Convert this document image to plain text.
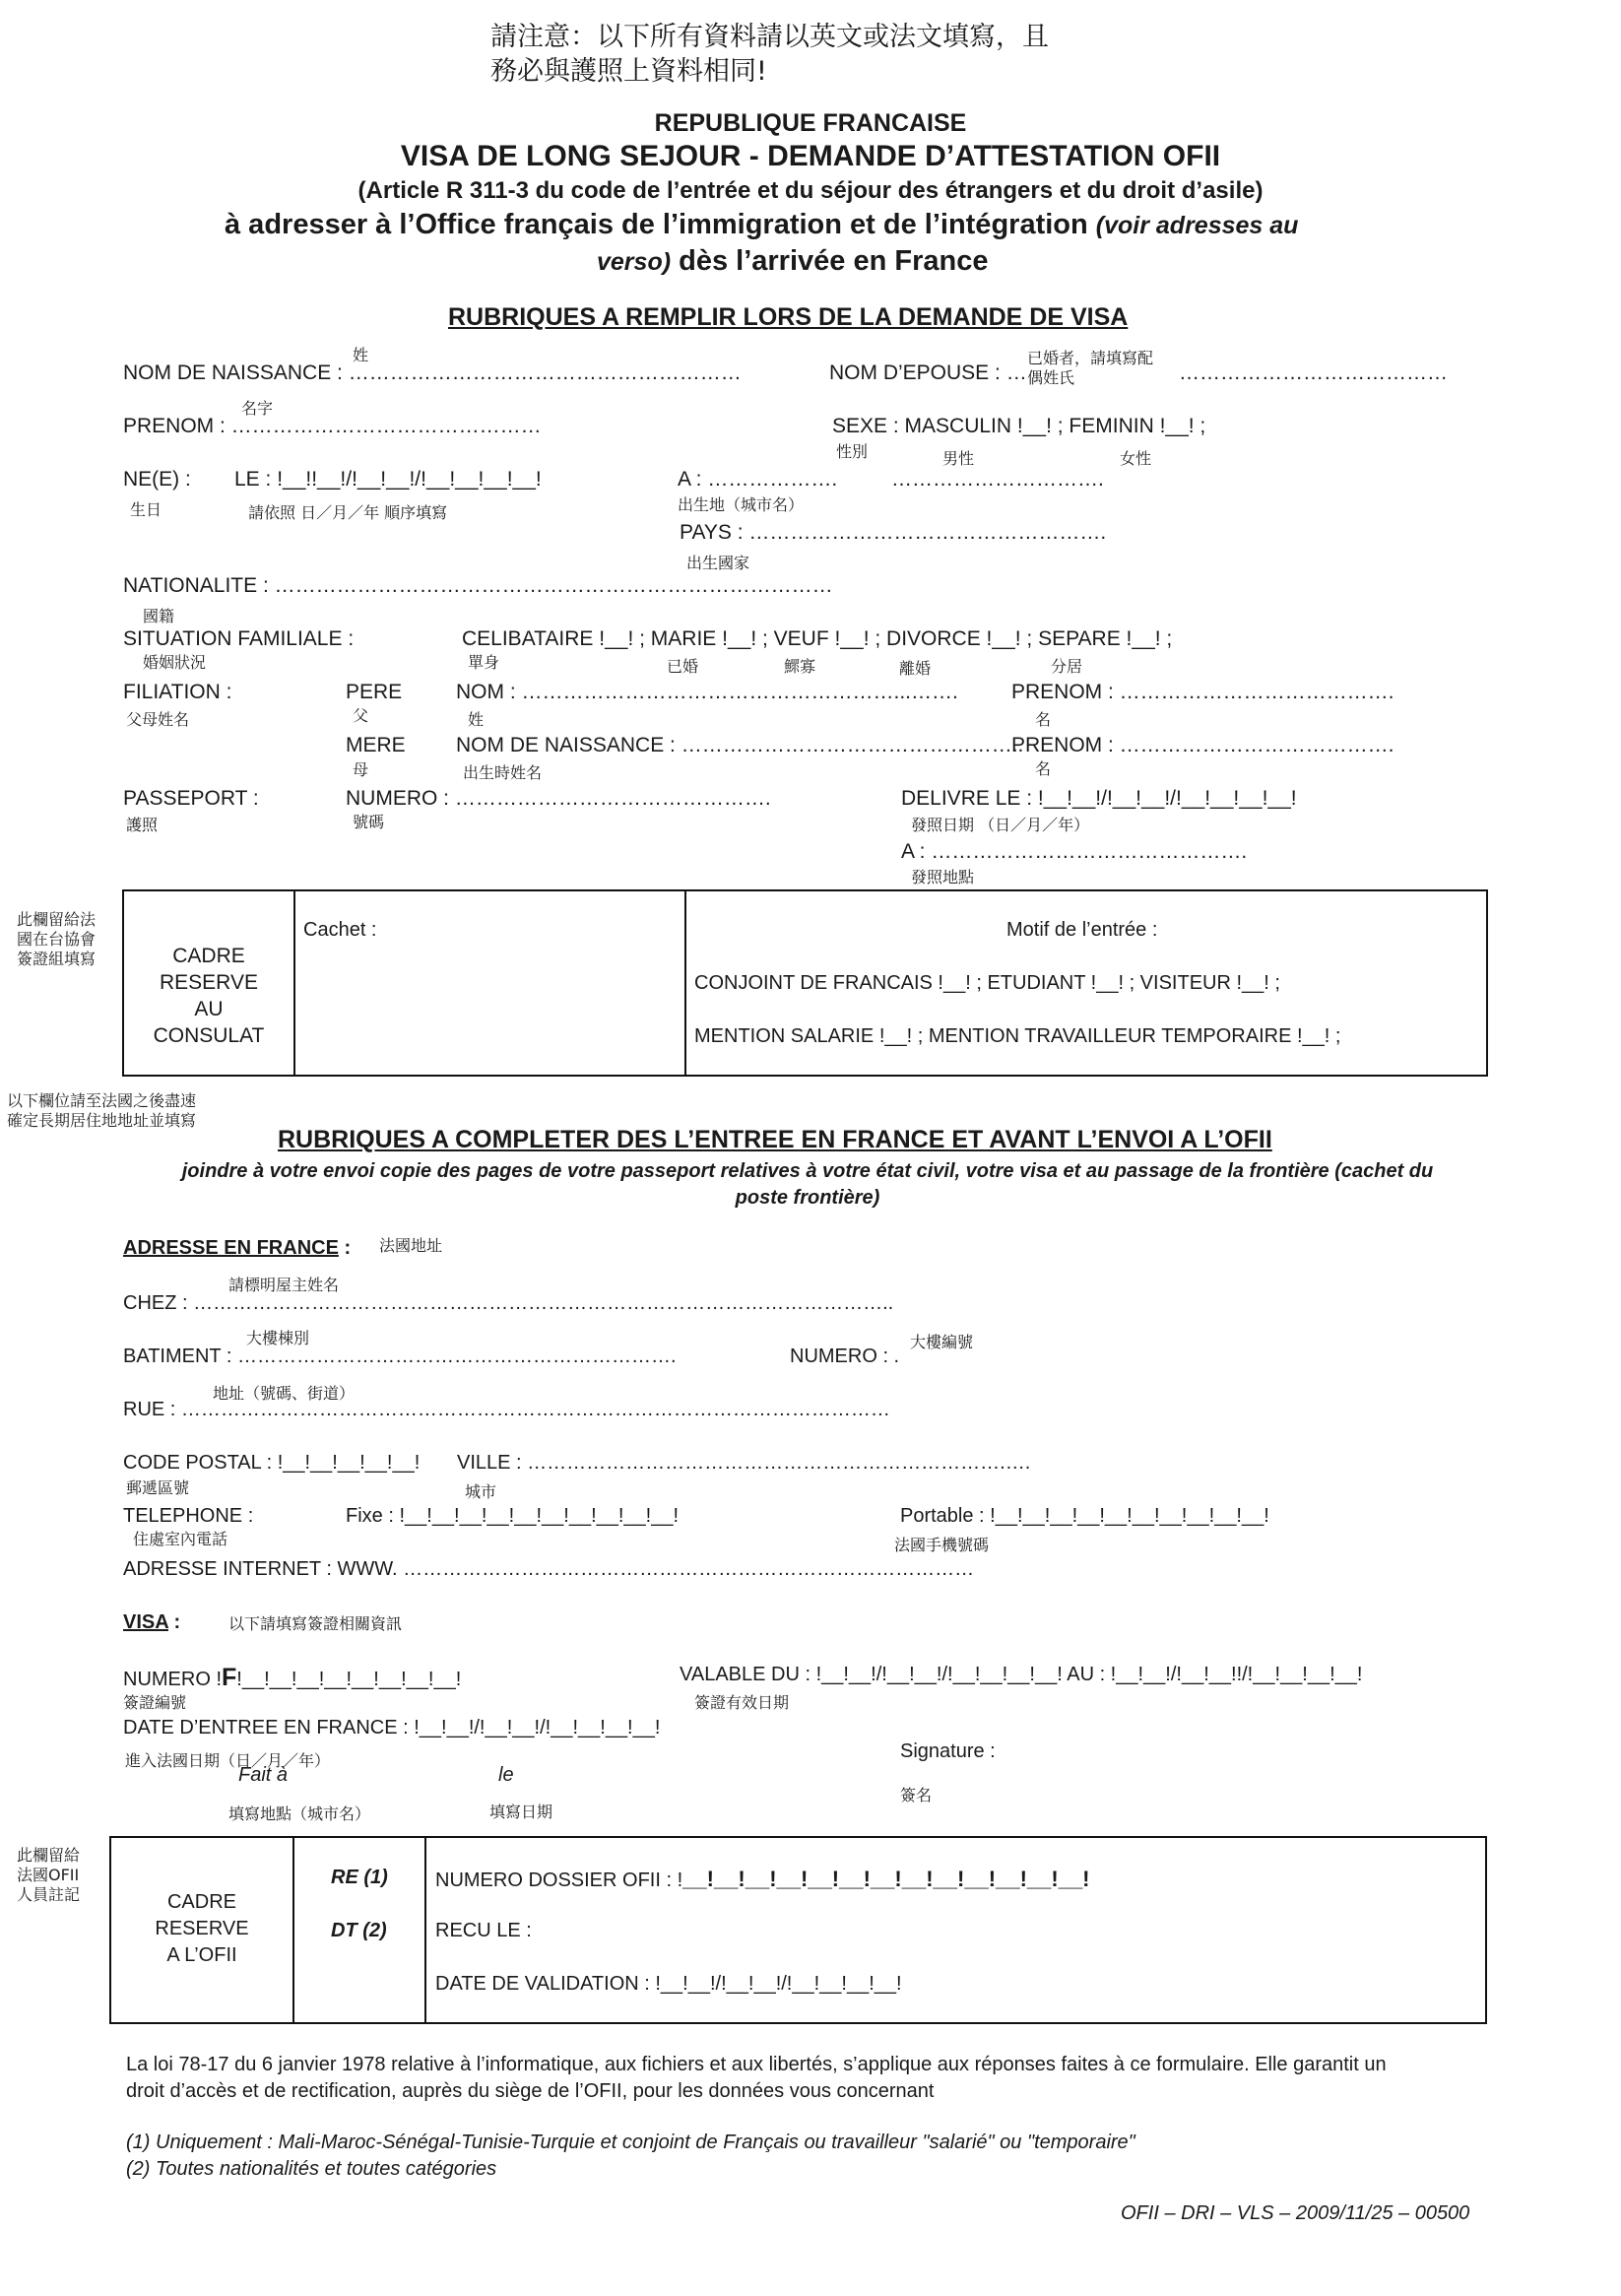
請注意：以下所有資料請以英文或法文填寫，且
務必與護照上資料相同!
REPUBLIQUE FRANCAISE
VISA DE LONG SEJOUR - DEMANDE D’ATTESTATION OFII
(Article R 311-3 du code de l’entrée et du séjour des étrangers et du droit d’asile)
à adresser à l’Office français de l’immigration et de l’intégration (voir adresses au
verso) dès l’arrivée en France
RUBRIQUES A REMPLIR LORS DE LA DEMANDE DE VISA
姓
NOM DE NAISSANCE : …………………………………………………
已婚者，請填寫配
偶姓氏
NOM D’EPOUSE : …	…………………………………
名字
PRENOM : ………………………………………	SEXE : MASCULIN !__! ; FEMININ !__! ;
性別	男性	女性
NE(E) : LE : !__!!__!/!__!__!/!__!__!__!__!	A : ……………….	………………………….
生日	請依照 日／月／年 順序填寫	出生地（城市名）
PAYS : …………………………………………….
出生國家
NATIONALITE : ………………………………………………………………………
國籍
SITUATION FAMILIALE :
婚姻狀況
CELIBATAIRE !__! ; MARIE !__! ; VEUF !__! ; DIVORCE !__! ; SEPARE !__! ;
單身	已婚	鰥寡	離婚	分居
FILIATION :
父母姓名
PERE
父
NOM : ………………………………………………...…….
姓
PRENOM : ………………………………….
名
MERE
母
NOM DE NAISSANCE : …………………………………………..
出生時姓名
PRENOM : ………………………………….
名
PASSEPORT :
護照
NUMERO : ……………………………………….
號碼
DELIVRE LE : !__!__!/!__!__!/!__!__!__!__!
發照日期 （日／月／年）
A : ……………………………………….
發照地點
此欄留給法
國在台協會
簽證組填寫	CADRE
RESERVE
AU
CONSULAT
Cachet :	Motif de l’entrée :
CONJOINT DE FRANCAIS !__! ; ETUDIANT !__! ; VISITEUR !__! ;
MENTION SALARIE !__! ; MENTION TRAVAILLEUR TEMPORAIRE !__! ;
以下欄位請至法國之後盡速
確定長期居住地地址並填寫
RUBRIQUES A COMPLETER DES L’ENTREE EN FRANCE ET AVANT L’ENVOI A L’OFII
joindre à votre envoi copie des pages de votre passeport relatives à votre état civil, votre visa et au passage de la frontière (cachet du
poste frontière)
ADRESSE EN FRANCE : 法國地址
請標明屋主姓名
CHEZ : ……………………………………………………………………………………………..
大樓棟別
BATIMENT : ………………………………………………………….	NUMERO : .
大樓編號
地址（號碼、街道）
RUE : ………………………………………………………………………………………………
CODE POSTAL : !__!__!__!__!__!
郵遞區號
VILLE : ……………………………………………………………….….
城市
TELEPHONE :
住處室內電話
Fixe : !__!__!__!__!__!__!__!__!__!__!	Portable : !__!__!__!__!__!__!__!__!__!__!
法國手機號碼
ADRESSE INTERNET : WWW. ……………………………………………………………………………
VISA :	以下請填寫簽證相關資訊
NUMERO !F!__!__!__!__!__!__!__!__!
簽證編號
VALABLE DU : !__!__!/!__!__!/!__!__!__!__! AU : !__!__!/!__!__!!/!__!__!__!__!
簽證有效日期
DATE D’ENTREE EN FRANCE : !__!__!/!__!__!/!__!__!__!__!
進入法國日期（日／月／年）	Signature :
簽名
Fait à	le
填寫地點（城市名）	填寫日期
此欄留給
法國OFII
人員註記	CADRE
RESERVE
A L’OFII
RE (1)
DT (2)
NUMERO DOSSIER OFII : !__!__!__!__!__!__!__!__!__!__!__!__!__!
RECU LE :
DATE DE VALIDATION : !__!__!/!__!__!/!__!__!__!__!
La loi 78-17 du 6 janvier 1978 relative à l’informatique, aux fichiers et aux libertés, s’applique aux réponses faites à ce formulaire. Elle garantit un
droit d’accès et de rectification, auprès du siège de l’OFII, pour les données vous concernant
(1) Uniquement : Mali-Maroc-Sénégal-Tunisie-Turquie et conjoint de Français ou travailleur "salarié" ou "temporaire"
(2) Toutes nationalités et toutes catégories
OFII – DRI – VLS – 2009/11/25 – 00500
